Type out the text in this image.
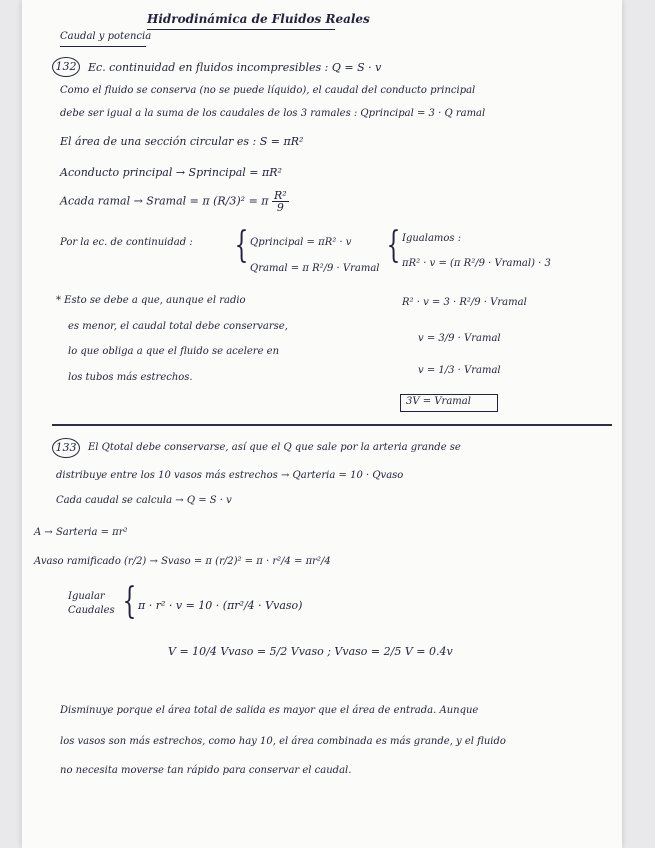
Hidrodinámica de Fluidos Reales
Caudal y potencia
132	Ec. continuidad en fluidos incompresibles : Q = S · v
Como el fluido se conserva (no se puede líquido), el caudal del conducto principal
debe ser igual a la suma de los caudales de los 3 ramales : Qprincipal = 3 · Q ramal
El área de una sección circular es : S = πR²
Aconducto principal → Sprincipal = πR²
Acada ramal → Sramal = π (R/3)² = π $\frac{\text{R²}}{9}$
Por la ec. de continuidad : { Qprincipal = πR² · v
Qramal = π R²/9 · Vramal
{ Igualamos :
πR² · v = (π R²/9 · Vramal) · 3
R² · v = 3 · R²/9 · Vramal
v = 3/9 · Vramal
v = 1/3 · Vramal
3V = Vramal
* Esto se debe a que, aunque el radio
es menor, el caudal total debe conservarse,
lo que obliga a que el fluido se acelere en
los tubos más estrechos.
133	El Qtotal debe conservarse, así que el Q que sale por la arteria grande se
distribuye entre los 10 vasos más estrechos → Qarteria = 10 · Qvaso
Cada caudal se calcula → Q = S · v
A → Sarteria = πr²
Avaso ramificado (r/2) → Svaso = π (r/2)² = π · r²/4 = πr²/4
Igualar
Caudales { π · r² · v = 10 · (πr²/4 · Vvaso)
V = 10/4 Vvaso = 5/2 Vvaso ; Vvaso = 2/5 V = 0.4v
Disminuye porque el área total de salida es mayor que el área de entrada. Aunque
los vasos son más estrechos, como hay 10, el área combinada es más grande, y el fluido
no necesita moverse tan rápido para conservar el caudal.
